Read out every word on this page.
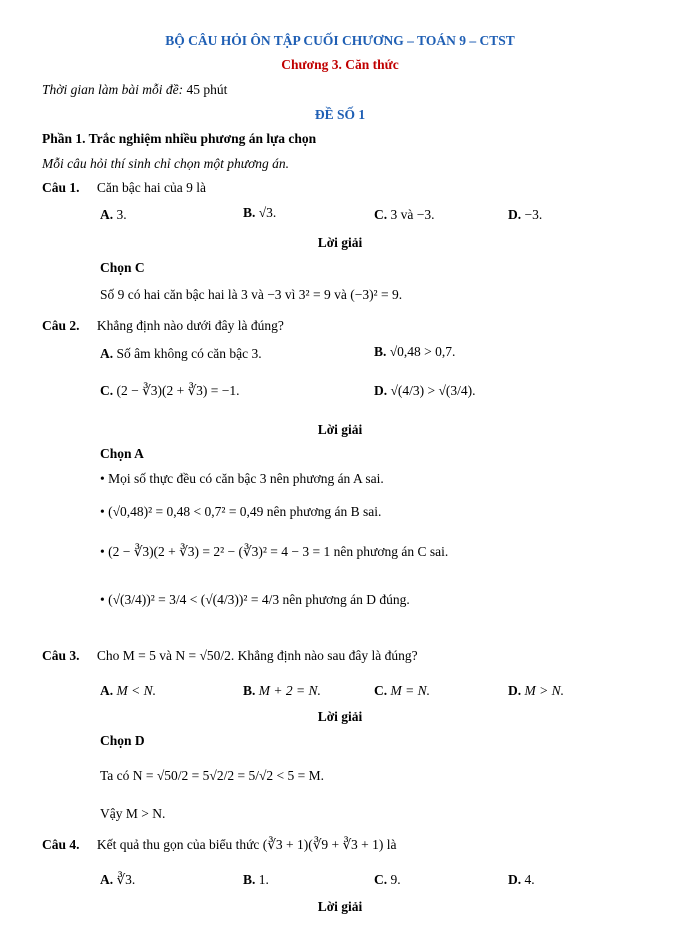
BỘ CÂU HỎI ÔN TẬP CUỐI CHƯƠNG – TOÁN 9 – CTST
Chương 3. Căn thức
Thời gian làm bài mỗi đề: 45 phút
ĐỀ SỐ 1
Phần 1. Trắc nghiệm nhiều phương án lựa chọn
Mỗi câu hỏi thí sinh chỉ chọn một phương án.
Câu 1. Căn bậc hai của 9 là
A. 3.	B. √3.	C. 3 và −3.	D. −3.
Lời giải
Chọn C
Số 9 có hai căn bậc hai là 3 và −3 vì 3² = 9 và (−3)² = 9.
Câu 2. Khẳng định nào dưới đây là đúng?
A. Số âm không có căn bậc 3.	B. √0,48 > 0,7.
C. (2 − ∛3)(2 + ∛3) = −1.	D. √(4/3) > √(3/4).
Lời giải
Chọn A
• Mọi số thực đều có căn bậc 3 nên phương án A sai.
• (√0,48)² = 0,48 < 0,7² = 0,49 nên phương án B sai.
• (2 − ∛3)(2 + ∛3) = 2² − (∛3)² = 4 − 3 = 1 nên phương án C sai.
• (√(3/4))² = 3/4 < (√(4/3))² = 4/3 nên phương án D đúng.
Câu 3. Cho M = 5 và N = √50/2. Khẳng định nào sau đây là đúng?
A. M < N.	B. M + 2 = N.	C. M = N.	D. M > N.
Lời giải
Chọn D
Ta có N = √50/2 = 5√2/2 = 5/√2 < 5 = M.
Vậy M > N.
Câu 4. Kết quả thu gọn của biểu thức (∛3 + 1)(∛9 + ∛3 + 1) là
A. ∛3.	B. 1.	C. 9.	D. 4.
Lời giải
